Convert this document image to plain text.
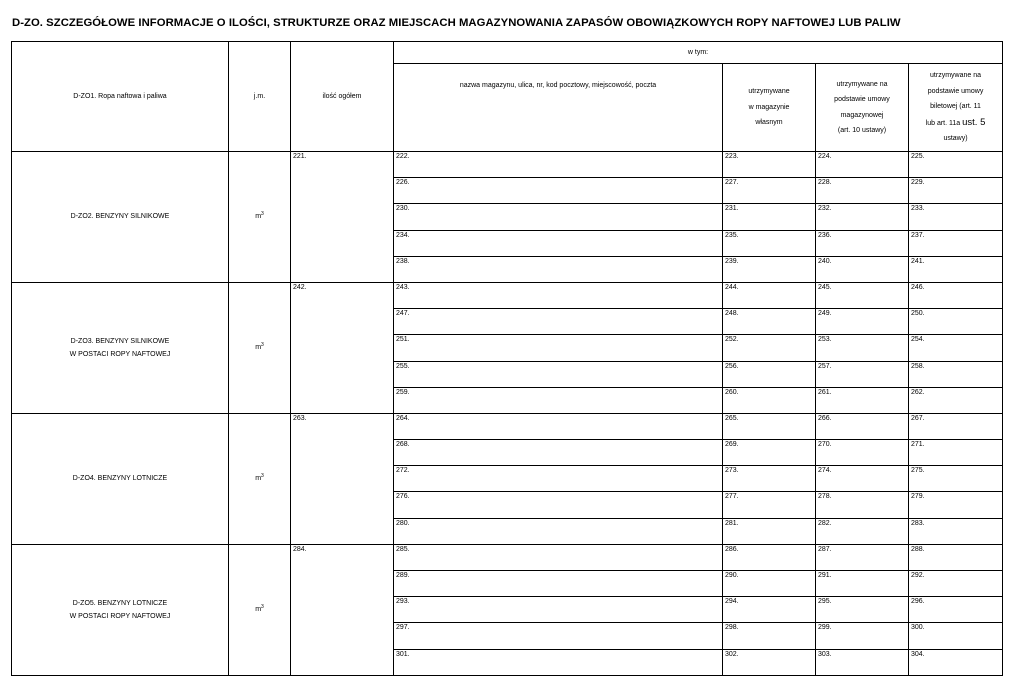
D-ZO. SZCZEGÓŁOWE INFORMACJE O ILOŚCI, STRUKTURZE ORAZ MIEJSCACH MAGAZYNOWANIA ZAPASÓW OBOWIĄZKOWYCH ROPY NAFTOWEJ LUB PALIW
D-ZO1. Ropa naftowa i paliwa	j.m.	ilość ogółem	w tym:			
			nazwa magazynu, ulica, nr, kod pocztowy, miejscowość, poczta	utrzymywane
w magazynie
własnym	utrzymywane na
podstawie umowy
magazynowej
(art. 10 ustawy)	utrzymywane na
podstawie umowy
biletowej (art. 11
lub art. 11a ust. 5
ustawy)
D-ZO2. BENZYNY SILNIKOWE	$m^3$	221.	222.	223.	224.	225.
			226.	227.	228.	229.
			230.	231.	232.	233.
			234.	235.	236.	237.
			238.	239.	240.	241.
D-ZO3. BENZYNY SILNIKOWE
W POSTACI ROPY NAFTOWEJ	$m^3$	242.	243.	244.	245.	246.
			247.	248.	249.	250.
			251.	252.	253.	254.
			255.	256.	257.	258.
			259.	260.	261.	262.
D-ZO4. BENZYNY LOTNICZE	$m^3$	263.	264.	265.	266.	267.
			268.	269.	270.	271.
			272.	273.	274.	275.
			276.	277.	278.	279.
			280.	281.	282.	283.
D-ZO5. BENZYNY LOTNICZE
W POSTACI ROPY NAFTOWEJ	$m^3$	284.	285.	286.	287.	288.
			289.	290.	291.	292.
			293.	294.	295.	296.
			297.	298.	299.	300.
			301.	302.	303.	304.
